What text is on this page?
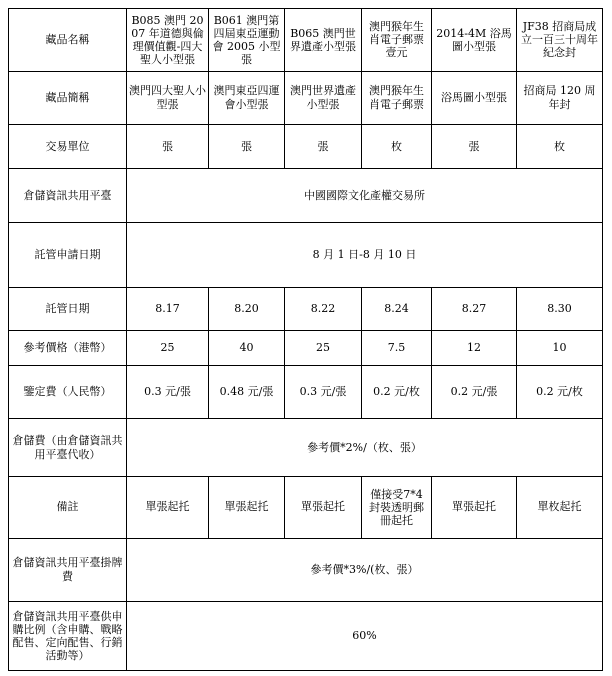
藏品名稱	B085 澳門 2007 年道德與倫理價值觀-四大聖人小型張	B061 澳門第四屆東亞運動會 2005 小型張	B065 澳門世界遺產小型張	澳門猴年生肖電子郵票壹元	2014-4M 浴馬圖小型張	JF38 招商局成立一百三十周年紀念封
藏品簡稱	澳門四大聖人小型張	澳門東亞四運會小型張	澳門世界遺產小型張	澳門猴年生肖電子郵票	浴馬圖小型張	招商局 120 周年封
交易單位	張	張	張	枚	張	枚
倉儲資訊共用平臺	中國國際文化產權交易所					
託管申請日期	8 月 1 日-8 月 10 日					
託管日期	8.17	8.20	8.22	8.24	8.27	8.30
參考價格（港幣）	25	40	25	7.5	12	10
鑒定費（人民幣）	0.3 元/張	0.48 元/張	0.3 元/張	0.2 元/枚	0.2 元/張	0.2 元/枚
倉儲費（由倉儲資訊共用平臺代收）	參考價*2%/（枚、張）					
備註	單張起托	單張起托	單張起托	僅接受7*4 封裝透明郵冊起托	單張起托	單枚起托
倉儲資訊共用平臺掛牌費	參考價*3%/(枚、張）					
倉儲資訊共用平臺供申購比例（含申購、戰略配售、定向配售、行銷活動等）	60%					
